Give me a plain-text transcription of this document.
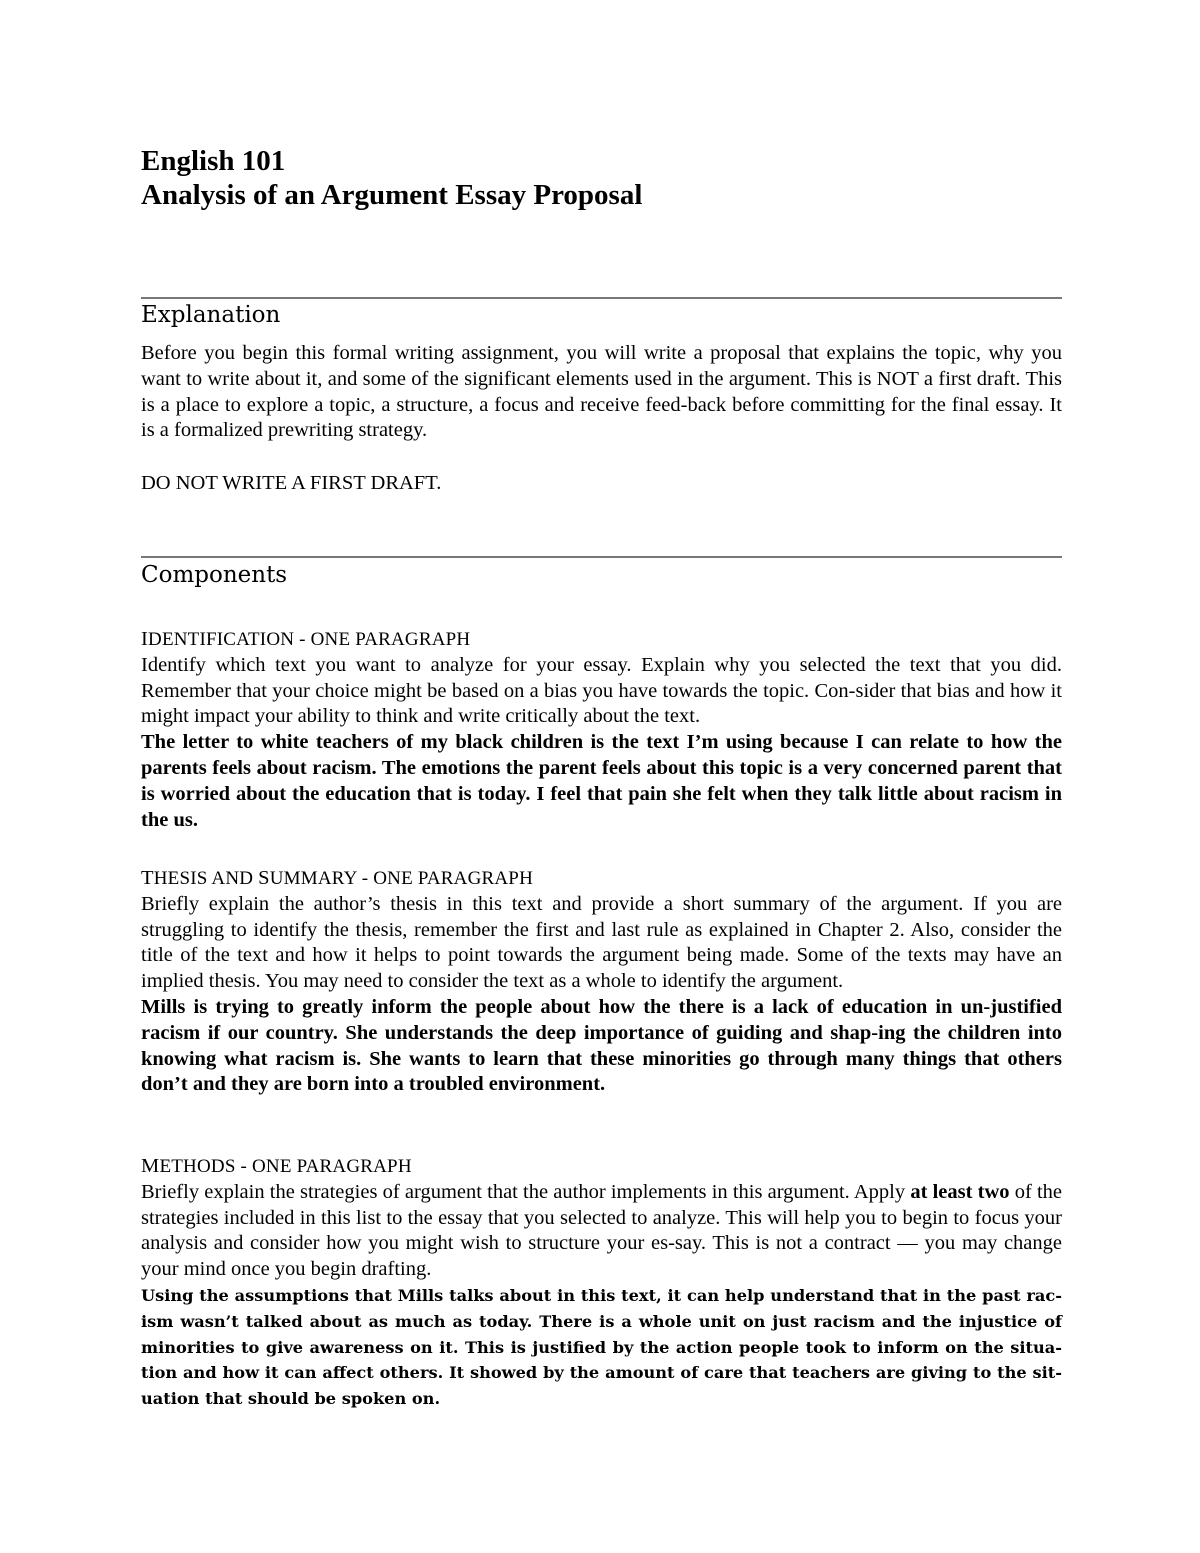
English 101
Analysis of an Argument Essay Proposal
Explanation

Before you begin this formal writing assignment, you will write a proposal that explains the topic, why you want to write about it, and some of the significant elements used in the argument. This is NOT a first draft. This is a place to explore a topic, a structure, a focus and receive feed-back before committing for the final essay. It is a formalized prewriting strategy.

DO NOT WRITE A FIRST DRAFT.

Components

IDENTIFICATION - ONE PARAGRAPH

Identify which text you want to analyze for your essay. Explain why you selected the text that you did. Remember that your choice might be based on a bias you have towards the topic. Con-sider that bias and how it might impact your ability to think and write critically about the text.

The letter to white teachers of my black children is the text I’m using because I can relate to how the parents feels about racism. The emotions the parent feels about this topic is a very concerned parent that is worried about the education that is today. I feel that pain she felt when they talk little about racism in the us.

THESIS AND SUMMARY - ONE PARAGRAPH

Briefly explain the author’s thesis in this text and provide a short summary of the argument. If you are struggling to identify the thesis, remember the first and last rule as explained in Chapter 2. Also, consider the title of the text and how it helps to point towards the argument being made. Some of the texts may have an implied thesis. You may need to consider the text as a whole to identify the argument.

Mills is trying to greatly inform the people about how the there is a lack of education in un-justified racism if our country. She understands the deep importance of guiding and shap-ing the children into knowing what racism is. She wants to learn that these minorities go through many things that others don’t and they are born into a troubled environment.

METHODS - ONE PARAGRAPH

Briefly explain the strategies of argument that the author implements in this argument. Apply at least two of the strategies included in this list to the essay that you selected to analyze. This will help you to begin to focus your analysis and consider how you might wish to structure your es-say. This is not a contract — you may change your mind once you begin drafting.

Using the assumptions that Mills talks about in this text, it can help understand that in the past rac-ism wasn’t talked about as much as today. There is a whole unit on just racism and the injustice of minorities to give awareness on it. This is justified by the action people took to inform on the situa-tion and how it can affect others. It showed by the amount of care that teachers are giving to the sit-uation that should be spoken on.
